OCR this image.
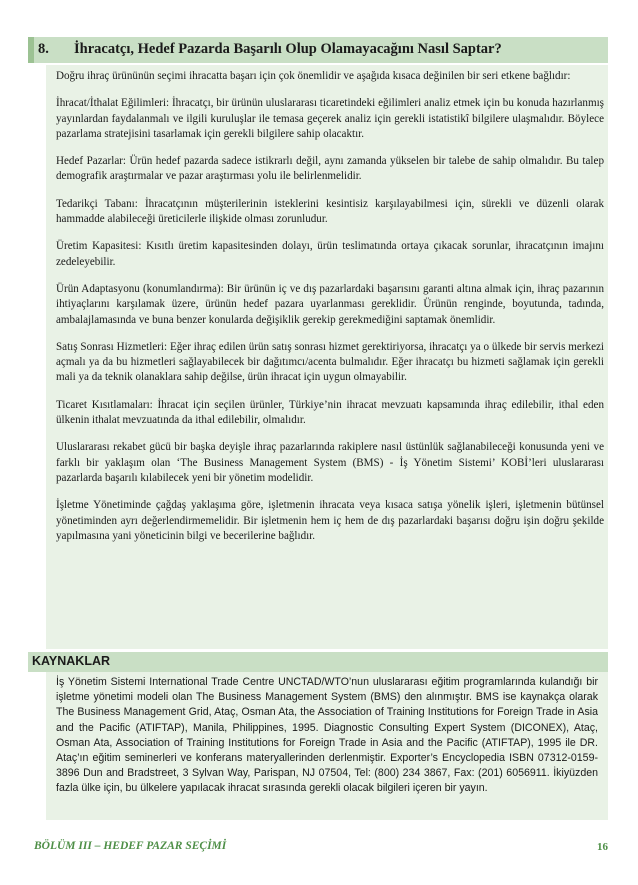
8. İhracatçı, Hedef Pazarda Başarılı Olup Olamayacağını Nasıl Saptar?

Doğru ihraç ürününün seçimi ihracatta başarı için çok önemlidir ve aşağıda kısaca değinilen bir seri etkene bağlıdır:

İhracat/İthalat Eğilimleri: İhracatçı, bir ürünün uluslararası ticaretindeki eğilimleri analiz etmek için bu konuda hazırlanmış yayınlardan faydalanmalı ve ilgili kuruluşlar ile temasa geçerek analiz için gerekli istatistikî bilgilere ulaşmalıdır. Böylece pazarlama stratejisini tasarlamak için gerekli bilgilere sahip olacaktır.

Hedef Pazarlar: Ürün hedef pazarda sadece istikrarlı değil, aynı zamanda yükselen bir talebe de sahip olmalıdır. Bu talep demografik araştırmalar ve pazar araştırması yolu ile belirlenmelidir.

Tedarikçi Tabanı: İhracatçının müşterilerinin isteklerini kesintisiz karşılayabilmesi için, sürekli ve düzenli olarak hammadde alabileceği üreticilerle ilişkide olması zorunludur.

Üretim Kapasitesi: Kısıtlı üretim kapasitesinden dolayı, ürün teslimatında ortaya çıkacak sorunlar, ihracatçının imajını zedeleyebilir.

Ürün Adaptasyonu (konumlandırma): Bir ürünün iç ve dış pazarlardaki başarısını garanti altına almak için, ihraç pazarının ihtiyaçlarını karşılamak üzere, ürünün hedef pazara uyarlanması gereklidir. Ürünün renginde, boyutunda, tadında, ambalajlamasında ve buna benzer konularda değişiklik gerekip gerekmediğini saptamak önemlidir.

Satış Sonrası Hizmetleri: Eğer ihraç edilen ürün satış sonrası hizmet gerektiriyorsa, ihracatçı ya o ülkede bir servis merkezi açmalı ya da bu hizmetleri sağlayabilecek bir dağıtımcı/acenta bulmalıdır. Eğer ihracatçı bu hizmeti sağlamak için gerekli mali ya da teknik olanaklara sahip değilse, ürün ihracat için uygun olmayabilir.

Ticaret Kısıtlamaları: İhracat için seçilen ürünler, Türkiye’nin ihracat mevzuatı kapsamında ihraç edilebilir, ithal eden ülkenin ithalat mevzuatında da ithal edilebilir, olmalıdır.

Uluslararası rekabet gücü bir başka deyişle ihraç pazarlarında rakiplere nasıl üstünlük sağlanabileceği konusunda yeni ve farklı bir yaklaşım olan ‘The Business Management System (BMS) - İş Yönetim Sistemi’ KOBİ’leri uluslararası pazarlarda başarılı kılabilecek yeni bir yönetim modelidir.

İşletme Yönetiminde çağdaş yaklaşıma göre, işletmenin ihracata veya kısaca satışa yönelik işleri, işletmenin bütünsel yönetiminden ayrı değerlendirmemelidir. Bir işletmenin hem iç hem de dış pazarlardaki başarısı doğru işin doğru şekilde yapılmasına yani yöneticinin bilgi ve becerilerine bağlıdır.

KAYNAKLAR
İş Yönetim Sistemi International Trade Centre UNCTAD/WTO’nun uluslararası eğitim programlarında kulandığı bir işletme yönetimi modeli olan The Business Management System (BMS) den alınmıştır. BMS ise kaynakça olarak The Business Management Grid, Ataç, Osman Ata, the Association of Training Institutions for Foreign Trade in Asia and the Pacific (ATIFTAP), Manila, Philippines, 1995. Diagnostic Consulting Expert System (DICONEX), Ataç, Osman Ata, Association of Training Institutions for Foreign Trade in Asia and the Pacific (ATIFTAP), 1995 ile DR. Ataç’ın eğitim seminerleri ve konferans materyallerinden derlenmiştir. Exporter’s Encyclopedia ISBN 07312-0159-3896 Dun and Bradstreet, 3 Sylvan Way, Parispan, NJ 07504, Tel: (800) 234 3867, Fax: (201) 6056911. İkiyüzden fazla ülke için, bu ülkelere yapılacak ihracat sırasında gerekli olacak bilgileri içeren bir yayın.
BÖLÜM III – HEDEF PAZAR SEÇİMİ	16
